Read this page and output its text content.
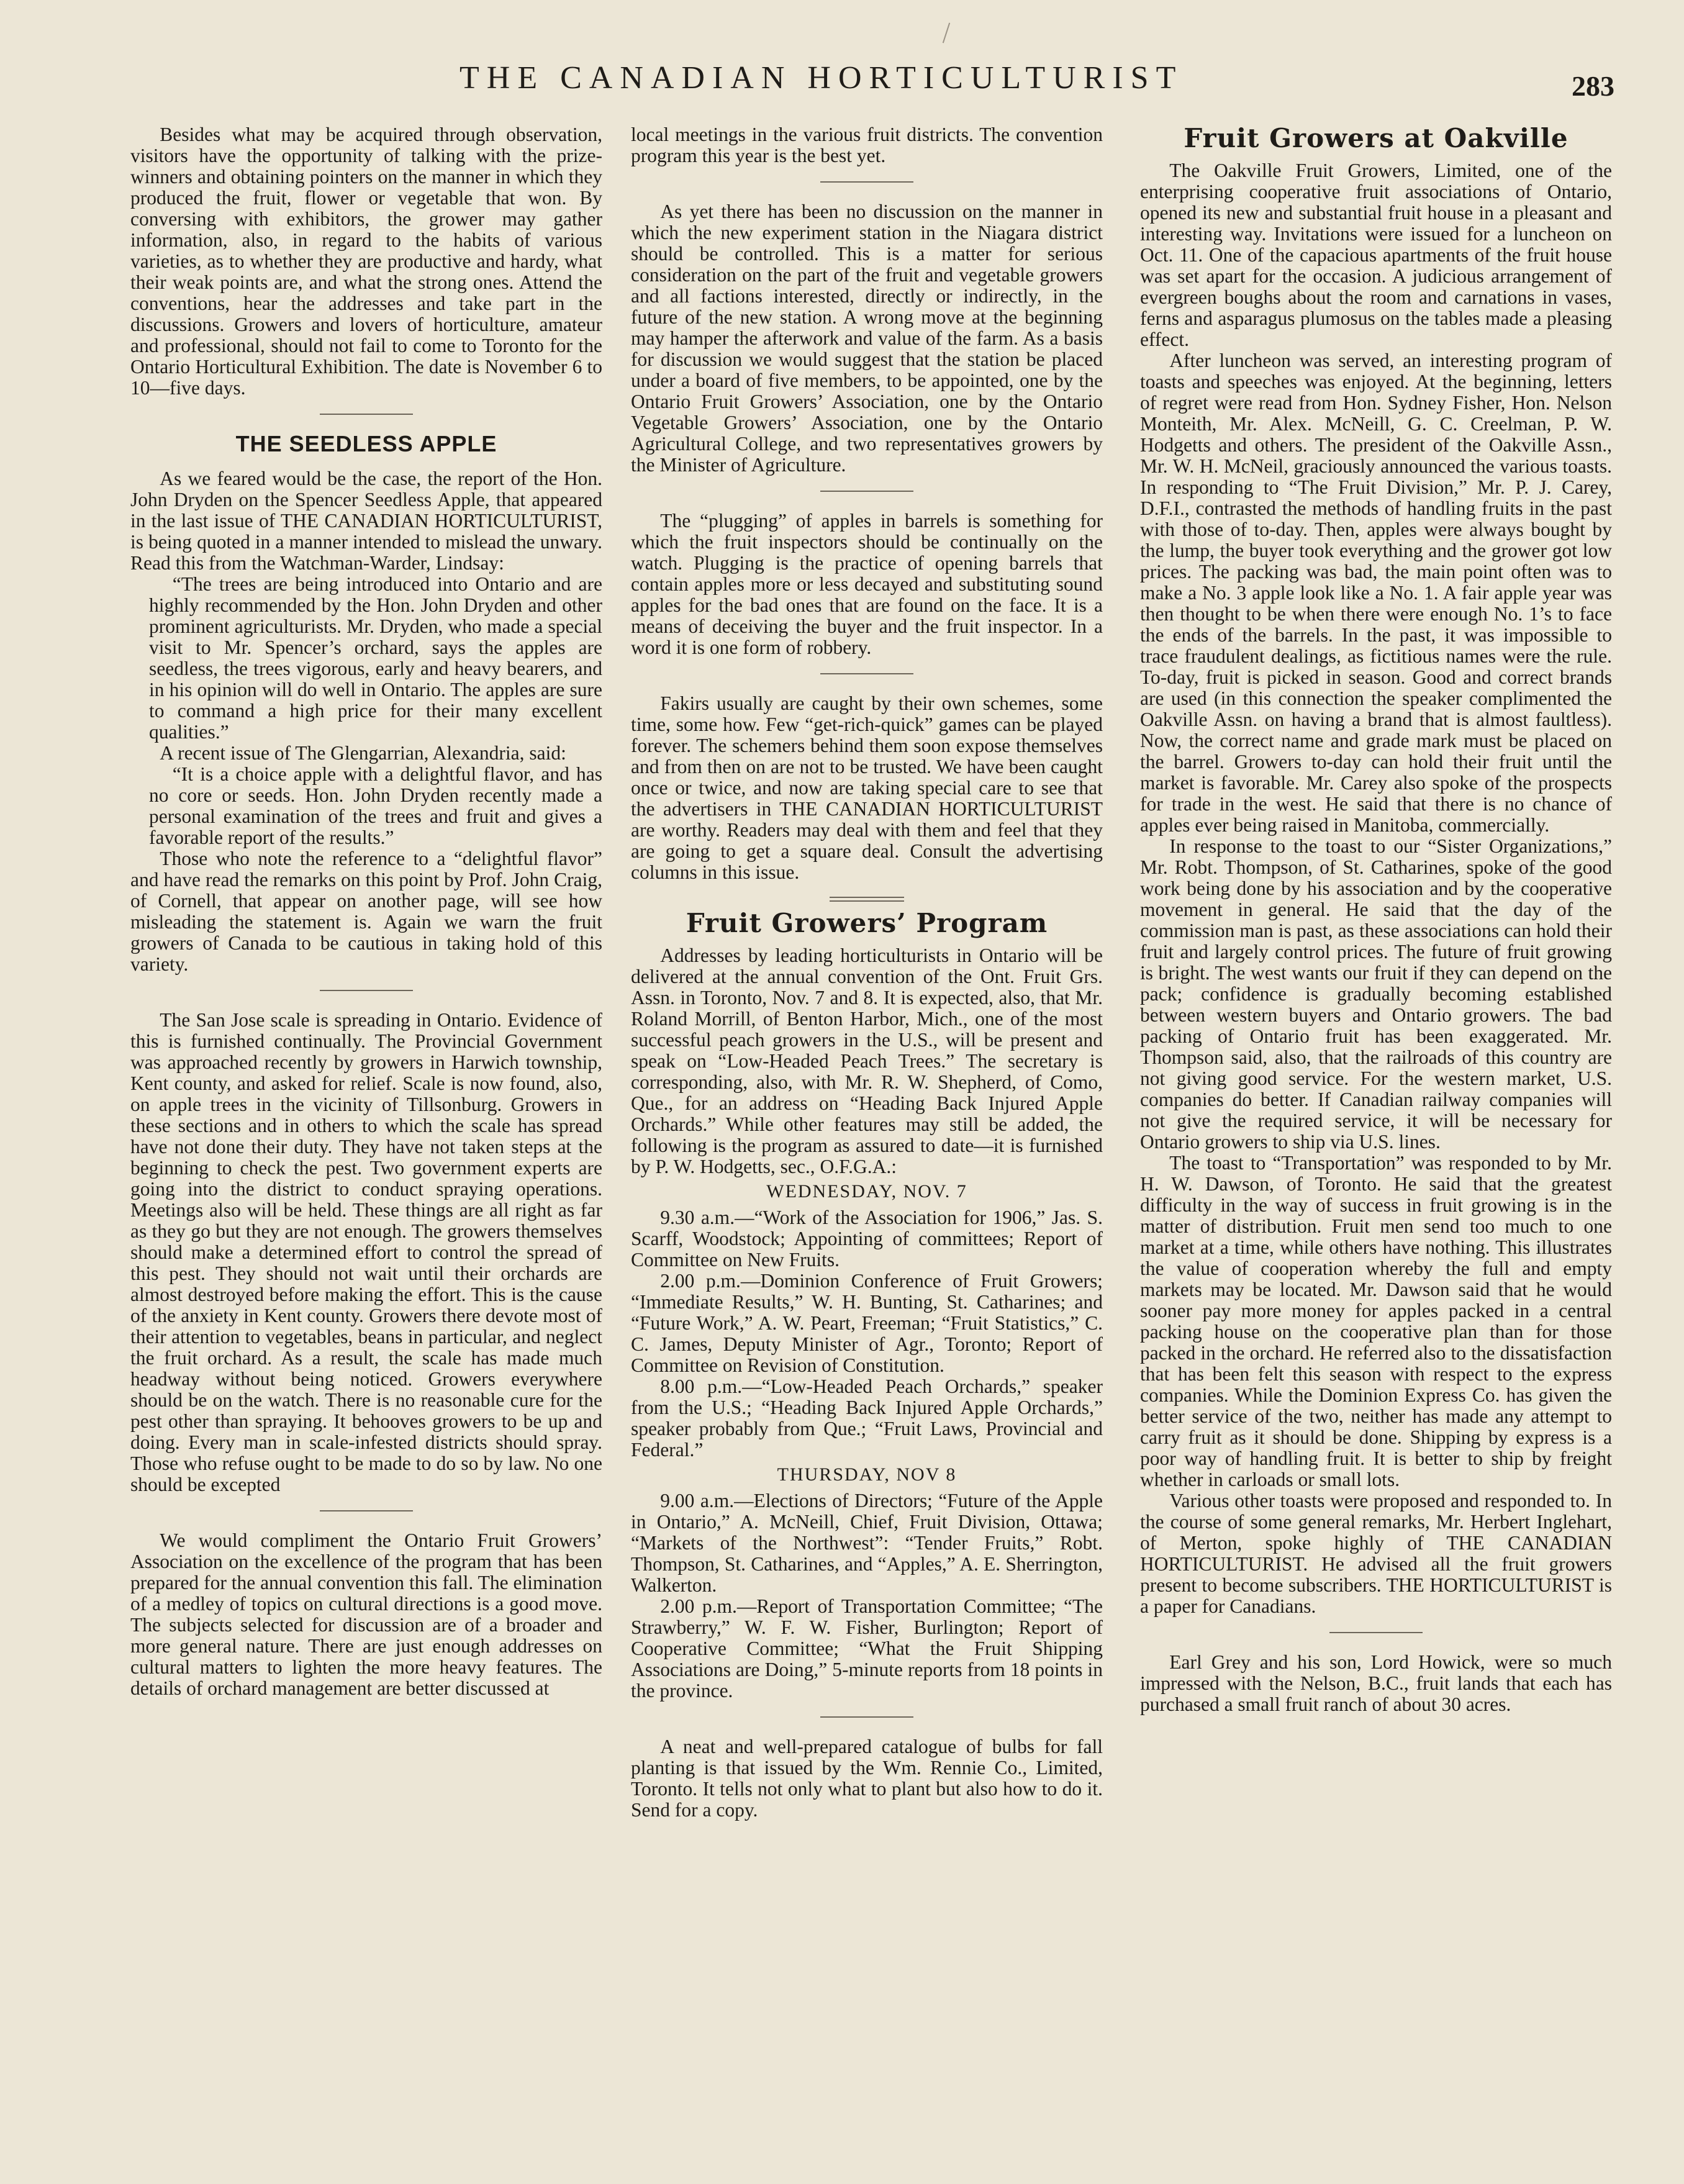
THE CANADIAN HORTICULTURIST	283

Besides what may be acquired through observation, visitors have the opportunity of talking with the prize-winners and obtaining pointers on the manner in which they produced the fruit, flower or vegetable that won. By conversing with exhibitors, the grower may gather information, also, in regard to the habits of various varieties, as to whether they are productive and hardy, what their weak points are, and what the strong ones. Attend the conventions, hear the addresses and take part in the discussions. Growers and lovers of horticulture, amateur and professional, should not fail to come to Toronto for the Ontario Horticultural Exhibition. The date is November 6 to 10—five days.

THE SEEDLESS APPLE

As we feared would be the case, the report of the Hon. John Dryden on the Spencer Seedless Apple, that appeared in the last issue of THE CANADIAN HORTICULTURIST, is being quoted in a manner intended to mislead the unwary. Read this from the Watchman-Warder, Lindsay:

“The trees are being introduced into Ontario and are highly recommended by the Hon. John Dryden and other prominent agriculturists. Mr. Dryden, who made a special visit to Mr. Spencer’s orchard, says the apples are seedless, the trees vigorous, early and heavy bearers, and in his opinion will do well in Ontario. The apples are sure to command a high price for their many excellent qualities.”

A recent issue of The Glengarrian, Alexandria, said:

“It is a choice apple with a delightful flavor, and has no core or seeds. Hon. John Dryden recently made a personal examination of the trees and fruit and gives a favorable report of the results.”

Those who note the reference to a “delightful flavor” and have read the remarks on this point by Prof. John Craig, of Cornell, that appear on another page, will see how misleading the statement is. Again we warn the fruit growers of Canada to be cautious in taking hold of this variety.

The San Jose scale is spreading in Ontario. Evidence of this is furnished continually. The Provincial Government was approached recently by growers in Harwich township, Kent county, and asked for relief. Scale is now found, also, on apple trees in the vicinity of Tillsonburg. Growers in these sections and in others to which the scale has spread have not done their duty. They have not taken steps at the beginning to check the pest. Two government experts are going into the district to conduct spraying operations. Meetings also will be held. These things are all right as far as they go but they are not enough. The growers themselves should make a determined effort to control the spread of this pest. They should not wait until their orchards are almost destroyed before making the effort. This is the cause of the anxiety in Kent county. Growers there devote most of their attention to vegetables, beans in particular, and neglect the fruit orchard. As a result, the scale has made much headway without being noticed. Growers everywhere should be on the watch. There is no reasonable cure for the pest other than spraying. It behooves growers to be up and doing. Every man in scale-infested districts should spray. Those who refuse ought to be made to do so by law. No one should be excepted

We would compliment the Ontario Fruit Growers’ Association on the excellence of the program that has been prepared for the annual convention this fall. The elimination of a medley of topics on cultural directions is a good move. The subjects selected for discussion are of a broader and more general nature. There are just enough addresses on cultural matters to lighten the more heavy features. The details of orchard management are better discussed at

local meetings in the various fruit districts. The convention program this year is the best yet.

As yet there has been no discussion on the manner in which the new experiment station in the Niagara district should be controlled. This is a matter for serious consideration on the part of the fruit and vegetable growers and all factions interested, directly or indirectly, in the future of the new station. A wrong move at the beginning may hamper the afterwork and value of the farm. As a basis for discussion we would suggest that the station be placed under a board of five members, to be appointed, one by the Ontario Fruit Growers’ Association, one by the Ontario Vegetable Growers’ Association, one by the Ontario Agricultural College, and two representatives growers by the Minister of Agriculture.

The “plugging” of apples in barrels is something for which the fruit inspectors should be continually on the watch. Plugging is the practice of opening barrels that contain apples more or less decayed and substituting sound apples for the bad ones that are found on the face. It is a means of deceiving the buyer and the fruit inspector. In a word it is one form of robbery.

Fakirs usually are caught by their own schemes, some time, some how. Few “get-rich-quick” games can be played forever. The schemers behind them soon expose themselves and from then on are not to be trusted. We have been caught once or twice, and now are taking special care to see that the advertisers in THE CANADIAN HORTICULTURIST are worthy. Readers may deal with them and feel that they are going to get a square deal. Consult the advertising columns in this issue.

Fruit Growers’ Program

Addresses by leading horticulturists in Ontario will be delivered at the annual convention of the Ont. Fruit Grs. Assn. in Toronto, Nov. 7 and 8. It is expected, also, that Mr. Roland Morrill, of Benton Harbor, Mich., one of the most successful peach growers in the U.S., will be present and speak on “Low-Headed Peach Trees.” The secretary is corresponding, also, with Mr. R. W. Shepherd, of Como, Que., for an address on “Heading Back Injured Apple Orchards.” While other features may still be added, the following is the program as assured to date—it is furnished by P. W. Hodgetts, sec., O.F.G.A.:

WEDNESDAY, NOV. 7

9.30 a.m.—“Work of the Association for 1906,” Jas. S. Scarff, Woodstock; Appointing of committees; Report of Committee on New Fruits.

2.00 p.m.—Dominion Conference of Fruit Growers; “Immediate Results,” W. H. Bunting, St. Catharines; and “Future Work,” A. W. Peart, Freeman; “Fruit Statistics,” C. C. James, Deputy Minister of Agr., Toronto; Report of Committee on Revision of Constitution.

8.00 p.m.—“Low-Headed Peach Orchards,” speaker from the U.S.; “Heading Back Injured Apple Orchards,” speaker probably from Que.; “Fruit Laws, Provincial and Federal.”

THURSDAY, NOV 8

9.00 a.m.—Elections of Directors; “Future of the Apple in Ontario,” A. McNeill, Chief, Fruit Division, Ottawa; “Markets of the Northwest”: “Tender Fruits,” Robt. Thompson, St. Catharines, and “Apples,” A. E. Sherrington, Walkerton.

2.00 p.m.—Report of Transportation Committee; “The Strawberry,” W. F. W. Fisher, Burlington; Report of Cooperative Committee; “What the Fruit Shipping Associations are Doing,” 5-minute reports from 18 points in the province.

A neat and well-prepared catalogue of bulbs for fall planting is that issued by the Wm. Rennie Co., Limited, Toronto. It tells not only what to plant but also how to do it. Send for a copy.

Fruit Growers at Oakville

The Oakville Fruit Growers, Limited, one of the enterprising cooperative fruit associations of Ontario, opened its new and substantial fruit house in a pleasant and interesting way. Invitations were issued for a luncheon on Oct. 11. One of the capacious apartments of the fruit house was set apart for the occasion. A judicious arrangement of evergreen boughs about the room and carnations in vases, ferns and asparagus plumosus on the tables made a pleasing effect.

After luncheon was served, an interesting program of toasts and speeches was enjoyed. At the beginning, letters of regret were read from Hon. Sydney Fisher, Hon. Nelson Monteith, Mr. Alex. McNeill, G. C. Creelman, P. W. Hodgetts and others. The president of the Oakville Assn., Mr. W. H. McNeil, graciously announced the various toasts. In responding to “The Fruit Division,” Mr. P. J. Carey, D.F.I., contrasted the methods of handling fruits in the past with those of to-day. Then, apples were always bought by the lump, the buyer took everything and the grower got low prices. The packing was bad, the main point often was to make a No. 3 apple look like a No. 1. A fair apple year was then thought to be when there were enough No. 1’s to face the ends of the barrels. In the past, it was impossible to trace fraudulent dealings, as fictitious names were the rule. To-day, fruit is picked in season. Good and correct brands are used (in this connection the speaker complimented the Oakville Assn. on having a brand that is almost faultless). Now, the correct name and grade mark must be placed on the barrel. Growers to-day can hold their fruit until the market is favorable. Mr. Carey also spoke of the prospects for trade in the west. He said that there is no chance of apples ever being raised in Manitoba, commercially.

In response to the toast to our “Sister Organizations,” Mr. Robt. Thompson, of St. Catharines, spoke of the good work being done by his association and by the cooperative movement in general. He said that the day of the commission man is past, as these associations can hold their fruit and largely control prices. The future of fruit growing is bright. The west wants our fruit if they can depend on the pack; confidence is gradually becoming established between western buyers and Ontario growers. The bad packing of Ontario fruit has been exaggerated. Mr. Thompson said, also, that the railroads of this country are not giving good service. For the western market, U.S. companies do better. If Canadian railway companies will not give the required service, it will be necessary for Ontario growers to ship via U.S. lines.

The toast to “Transportation” was responded to by Mr. H. W. Dawson, of Toronto. He said that the greatest difficulty in the way of success in fruit growing is in the matter of distribution. Fruit men send too much to one market at a time, while others have nothing. This illustrates the value of cooperation whereby the full and empty markets may be located. Mr. Dawson said that he would sooner pay more money for apples packed in a central packing house on the cooperative plan than for those packed in the orchard. He referred also to the dissatisfaction that has been felt this season with respect to the express companies. While the Dominion Express Co. has given the better service of the two, neither has made any attempt to carry fruit as it should be done. Shipping by express is a poor way of handling fruit. It is better to ship by freight whether in carloads or small lots.

Various other toasts were proposed and responded to. In the course of some general remarks, Mr. Herbert Inglehart, of Merton, spoke highly of THE CANADIAN HORTICULTURIST. He advised all the fruit growers present to become subscribers. THE HORTICULTURIST is a paper for Canadians.

Earl Grey and his son, Lord Howick, were so much impressed with the Nelson, B.C., fruit lands that each has purchased a small fruit ranch of about 30 acres.
